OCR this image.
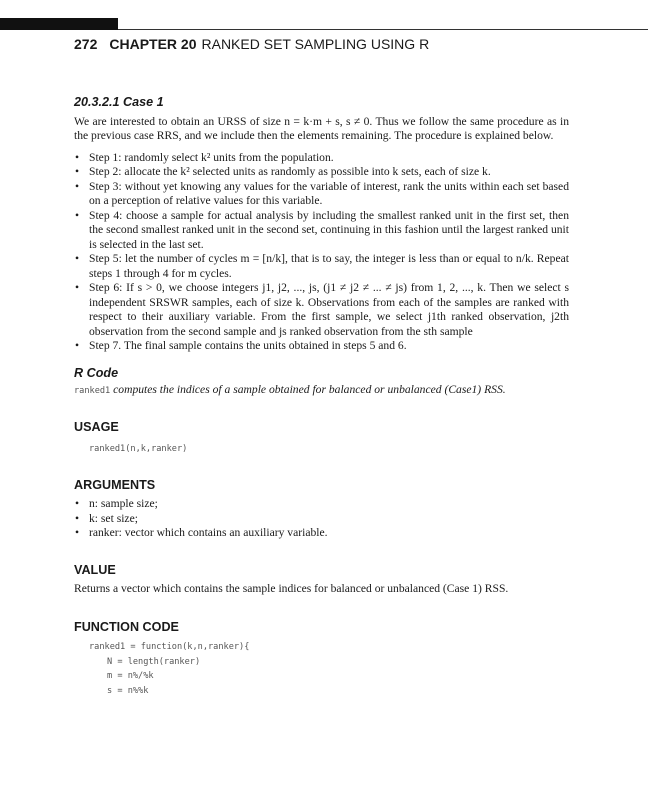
272 CHAPTER 20 RANKED SET SAMPLING USING R
20.3.2.1 Case 1

We are interested to obtain an URSS of size n = k·m + s, s ≠ 0. Thus we follow the same procedure as in the previous case RRS, and we include then the elements remaining. The procedure is explained below.

• Step 1: randomly select k² units from the population.
• Step 2: allocate the k² selected units as randomly as possible into k sets, each of size k.
• Step 3: without yet knowing any values for the variable of interest, rank the units within each set based on a perception of relative values for this variable.
• Step 4: choose a sample for actual analysis by including the smallest ranked unit in the first set, then the second smallest ranked unit in the second set, continuing in this fashion until the largest ranked unit is selected in the last set.
• Step 5: let the number of cycles m = [n/k], that is to say, the integer is less than or equal to n/k. Repeat steps 1 through 4 for m cycles.
• Step 6: If s > 0, we choose integers j1, j2, ..., js, (j1 ≠ j2 ≠ ... ≠ js) from 1, 2, ..., k. Then we select s independent SRSWR samples, each of size k. Observations from each of the samples are ranked with respect to their auxiliary variable. From the first sample, we select j1th ranked observation, j2th observation from the second sample and js ranked observation from the sth sample
• Step 7. The final sample contains the units obtained in steps 5 and 6.
R Code

ranked1 computes the indices of a sample obtained for balanced or unbalanced (Case1) RSS.

USAGE
ranked1(n,k,ranker)
ARGUMENTS
• n: sample size;
• k: set size;
• ranker: vector which contains an auxiliary variable.
VALUE

Returns a vector which contains the sample indices for balanced or unbalanced (Case 1) RSS.

FUNCTION CODE
ranked1 = function(k,n,ranker){
N = length(ranker)
m = n%/%k
s = n%%k
